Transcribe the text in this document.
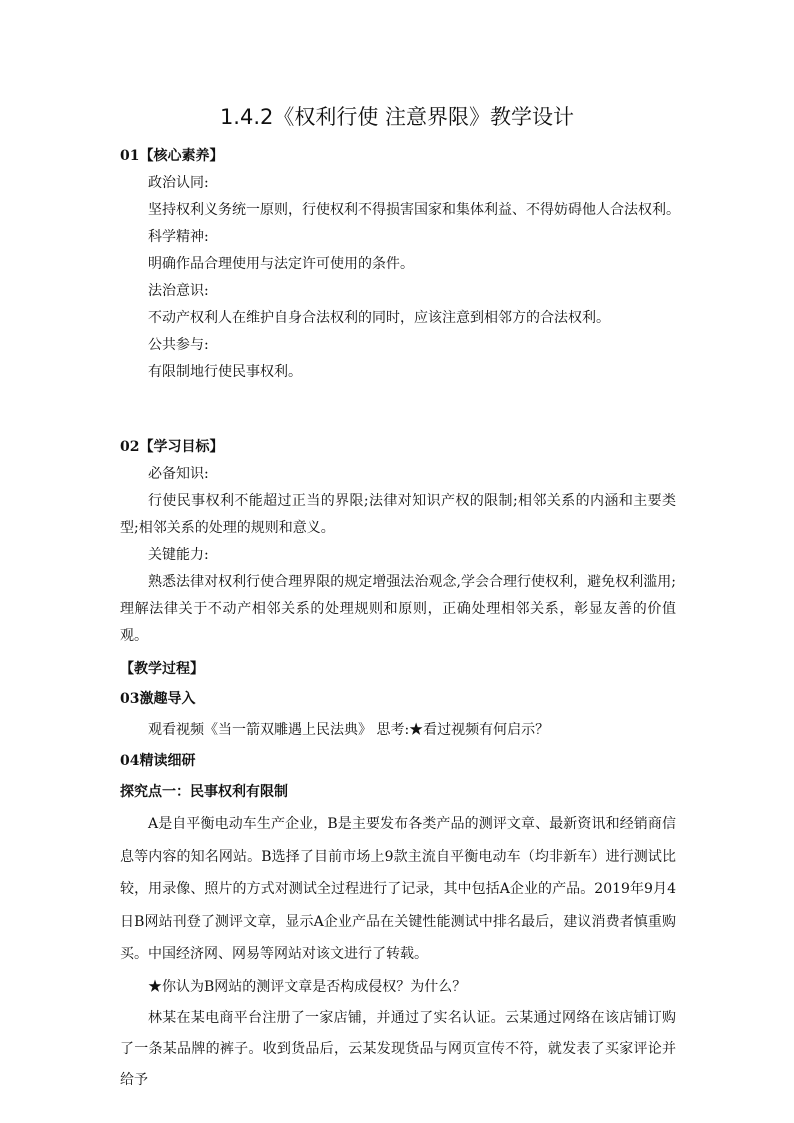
1.4.2《权利行使 注意界限》教学设计
01【核心素养】
政治认同:
坚持权利义务统一原则，行使权利不得损害国家和集体利益、不得妨碍他人合法权利。
科学精神:
明确作品合理使用与法定许可使用的条件。
法治意识:
不动产权利人在维护自身合法权利的同时，应该注意到相邻方的合法权利。
公共参与:
有限制地行使民事权利。
02【学习目标】
必备知识:
行使民事权利不能超过正当的界限;法律对知识产权的限制;相邻关系的内涵和主要类型;相邻关系的处理的规则和意义。
关键能力:
熟悉法律对权利行使合理界限的规定增强法治观念,学会合理行使权利，避免权利滥用;理解法律关于不动产相邻关系的处理规则和原则，正确处理相邻关系，彰显友善的价值观。
【教学过程】
03激趣导入
观看视频《当一箭双雕遇上民法典》 思考:★看过视频有何启示？
04精读细研
探究点一：民事权利有限制
A是自平衡电动车生产企业，B是主要发布各类产品的测评文章、最新资讯和经销商信息等内容的知名网站。B选择了目前市场上9款主流自平衡电动车（均非新车）进行测试比较，用录像、照片的方式对测试全过程进行了记录，其中包括A企业的产品。2019年9月4日B网站刊登了测评文章，显示A企业产品在关键性能测试中排名最后，建议消费者慎重购买。中国经济网、网易等网站对该文进行了转载。
★你认为B网站的测评文章是否构成侵权？为什么？
林某在某电商平台注册了一家店铺，并通过了实名认证。云某通过网络在该店铺订购了一条某品牌的裤子。收到货品后，云某发现货品与网页宣传不符，就发表了买家评论并给予
